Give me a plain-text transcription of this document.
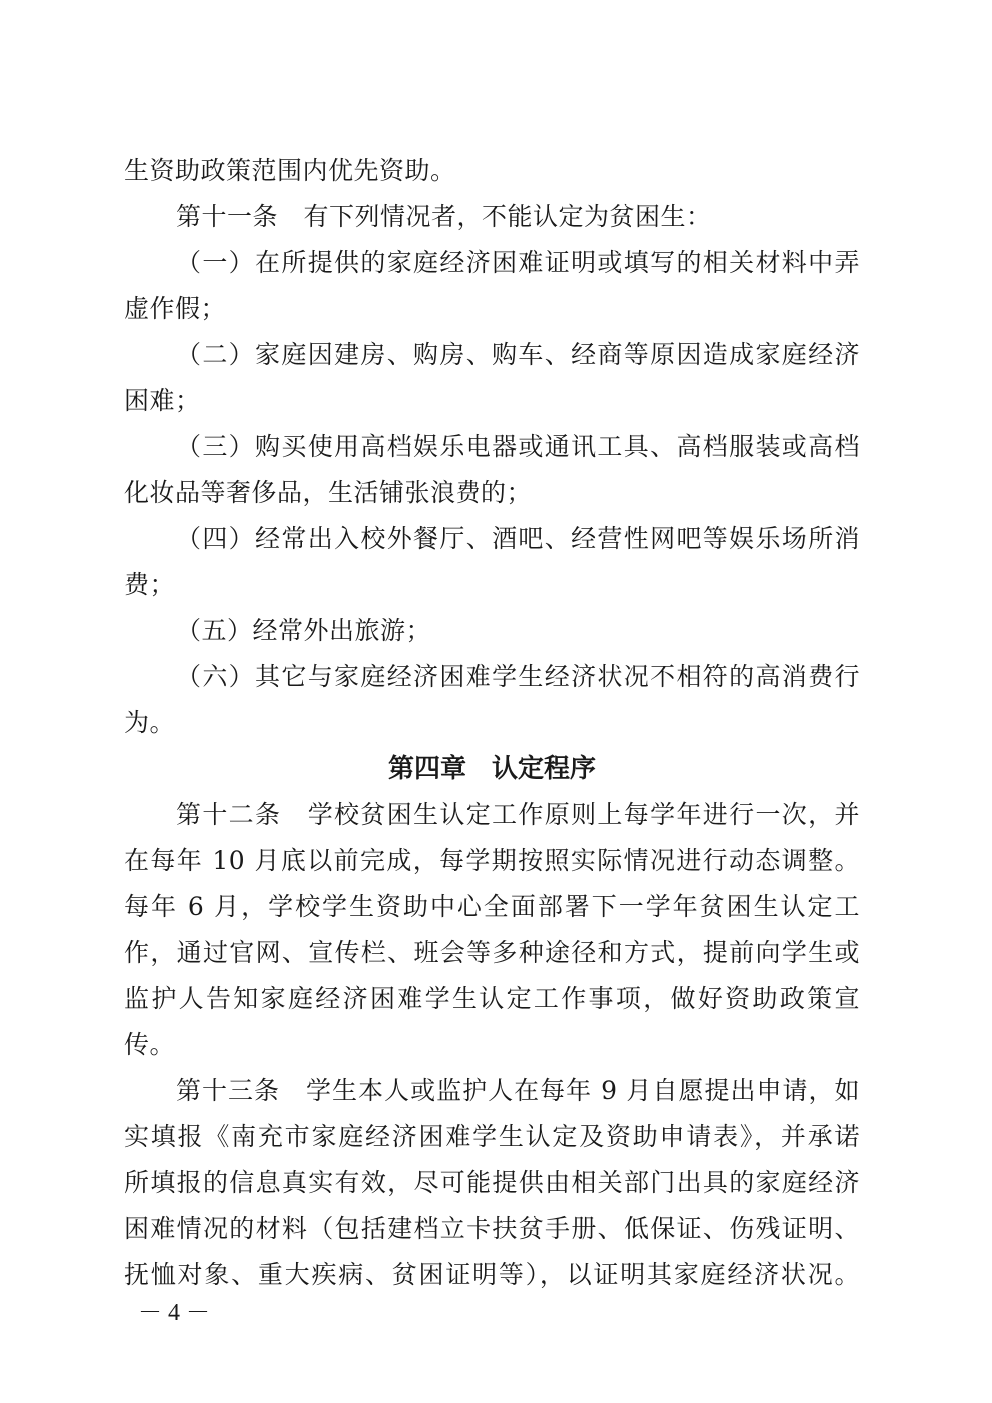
生资助政策范围内优先资助。
第十一条　有下列情况者，不能认定为贫困生：
（一）在所提供的家庭经济困难证明或填写的相关材料中弄
虚作假；
（二）家庭因建房、购房、购车、经商等原因造成家庭经济
困难；
（三）购买使用高档娱乐电器或通讯工具、高档服装或高档
化妆品等奢侈品，生活铺张浪费的；
（四）经常出入校外餐厅、酒吧、经营性网吧等娱乐场所消
费；
（五）经常外出旅游；
（六）其它与家庭经济困难学生经济状况不相符的高消费行
为。
第四章　认定程序
第十二条　学校贫困生认定工作原则上每学年进行一次，并
在每年 10 月底以前完成，每学期按照实际情况进行动态调整。
每年 6 月，学校学生资助中心全面部署下一学年贫困生认定工
作，通过官网、宣传栏、班会等多种途径和方式，提前向学生或
监护人告知家庭经济困难学生认定工作事项，做好资助政策宣
传。
第十三条　学生本人或监护人在每年 9 月自愿提出申请，如
实填报《南充市家庭经济困难学生认定及资助申请表》，并承诺
所填报的信息真实有效，尽可能提供由相关部门出具的家庭经济
困难情况的材料（包括建档立卡扶贫手册、低保证、伤残证明、
抚恤对象、重大疾病、贫困证明等），以证明其家庭经济状况。
－ 4 －
